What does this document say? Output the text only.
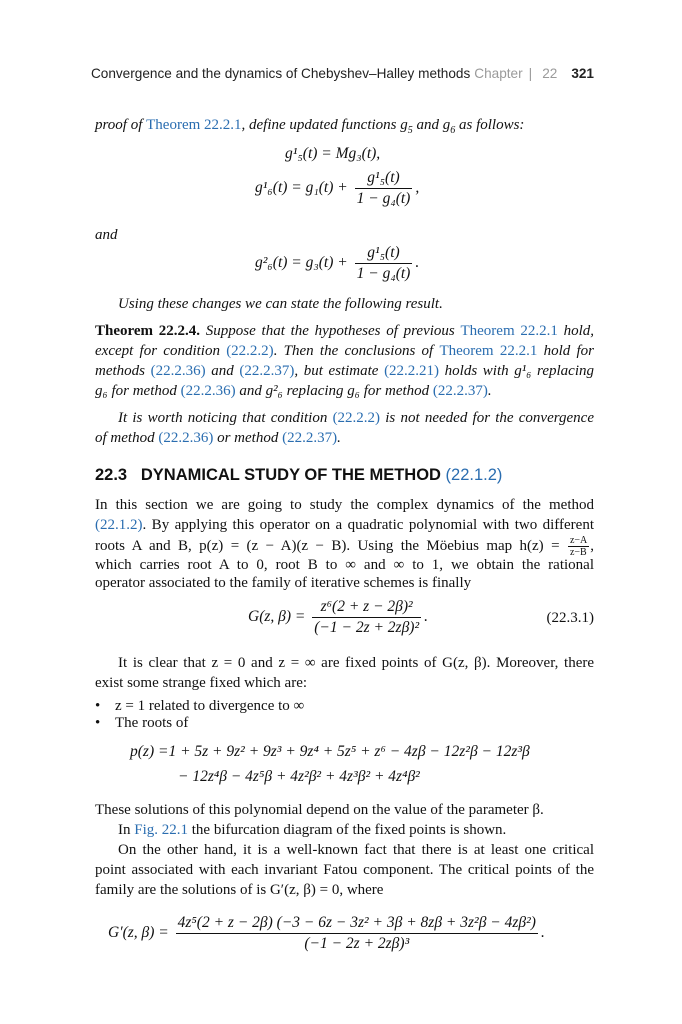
Convergence and the dynamics of Chebyshev–Halley methods Chapter | 22 321
proof of Theorem 22.2.1, define updated functions $g_5$ and $g_6$ as follows:
g¹₅(t) = Mg₃(t),
$g^1_6(t) = g_1(t) + \frac{\text{g¹₅(t)}}{\text{1 − g₄(t)}}$ ,
and
$g^2_6(t) = g_3(t) + \frac{\text{g¹₅(t)}}{\text{1 − g₄(t)}}$ .
Using these changes we can state the following result.
Theorem 22.2.4. Suppose that the hypotheses of previous Theorem 22.2.1 hold,
except for condition (22.2.2). Then the conclusions of Theorem 22.2.1 hold for
methods (22.2.36) and (22.2.37), but estimate (22.2.21) holds with g¹₆ replacing
g₆ for method (22.2.36) and g²₆ replacing g₆ for method (22.2.37).
It is worth noticing that condition (22.2.2) is not needed for the convergence
of method (22.2.36) or method (22.2.37).
22.3 DYNAMICAL STUDY OF THE METHOD (22.1.2)
In this section we are going to study the complex dynamics of the method
(22.1.2). By applying this operator on a quadratic polynomial with two different
roots A and B, p(z) = (z − A)(z − B). Using the Möebius map $h(z) = \frac{z-A}{z-B}$ ,
which carries root A to 0, root B to ∞ and ∞ to 1, we obtain the rational
operator associated to the family of iterative schemes is finally
G(z, $\beta) = \frac{\text{z⁶(2 + z − 2β)²}}{\text{(−1 − 2z + 2zβ)²}}$ .	(22.3.1)
It is clear that z = 0 and z = ∞ are fixed points of G(z, β). Moreover, there
exist some strange fixed which are:
• z = 1 related to divergence to ∞
• The roots of
p(z) =1 + 5z + 9z² + 9z³ + 9z⁴ + 5z⁵ + z⁶ − 4zβ − 12z²β − 12z³β
− 12z⁴β − 4z⁵β + 4z²β² + 4z³β² + 4z⁴β²
These solutions of this polynomial depend on the value of the parameter β.
In Fig. 22.1 the bifurcation diagram of the fixed points is shown.
On the other hand, it is a well-known fact that there is at least one critical
point associated with each invariant Fatou component. The critical points of the
family are the solutions of is G′(z, β) = 0, where
G′(z, $\beta) = \frac{\text{4z⁵(2 + z − 2β) (−3 − 6z − 3z² + 3β + 8zβ + 3z²β − 4zβ²)}}{\text{(−1 − 2z + 2zβ)³}}$ .
